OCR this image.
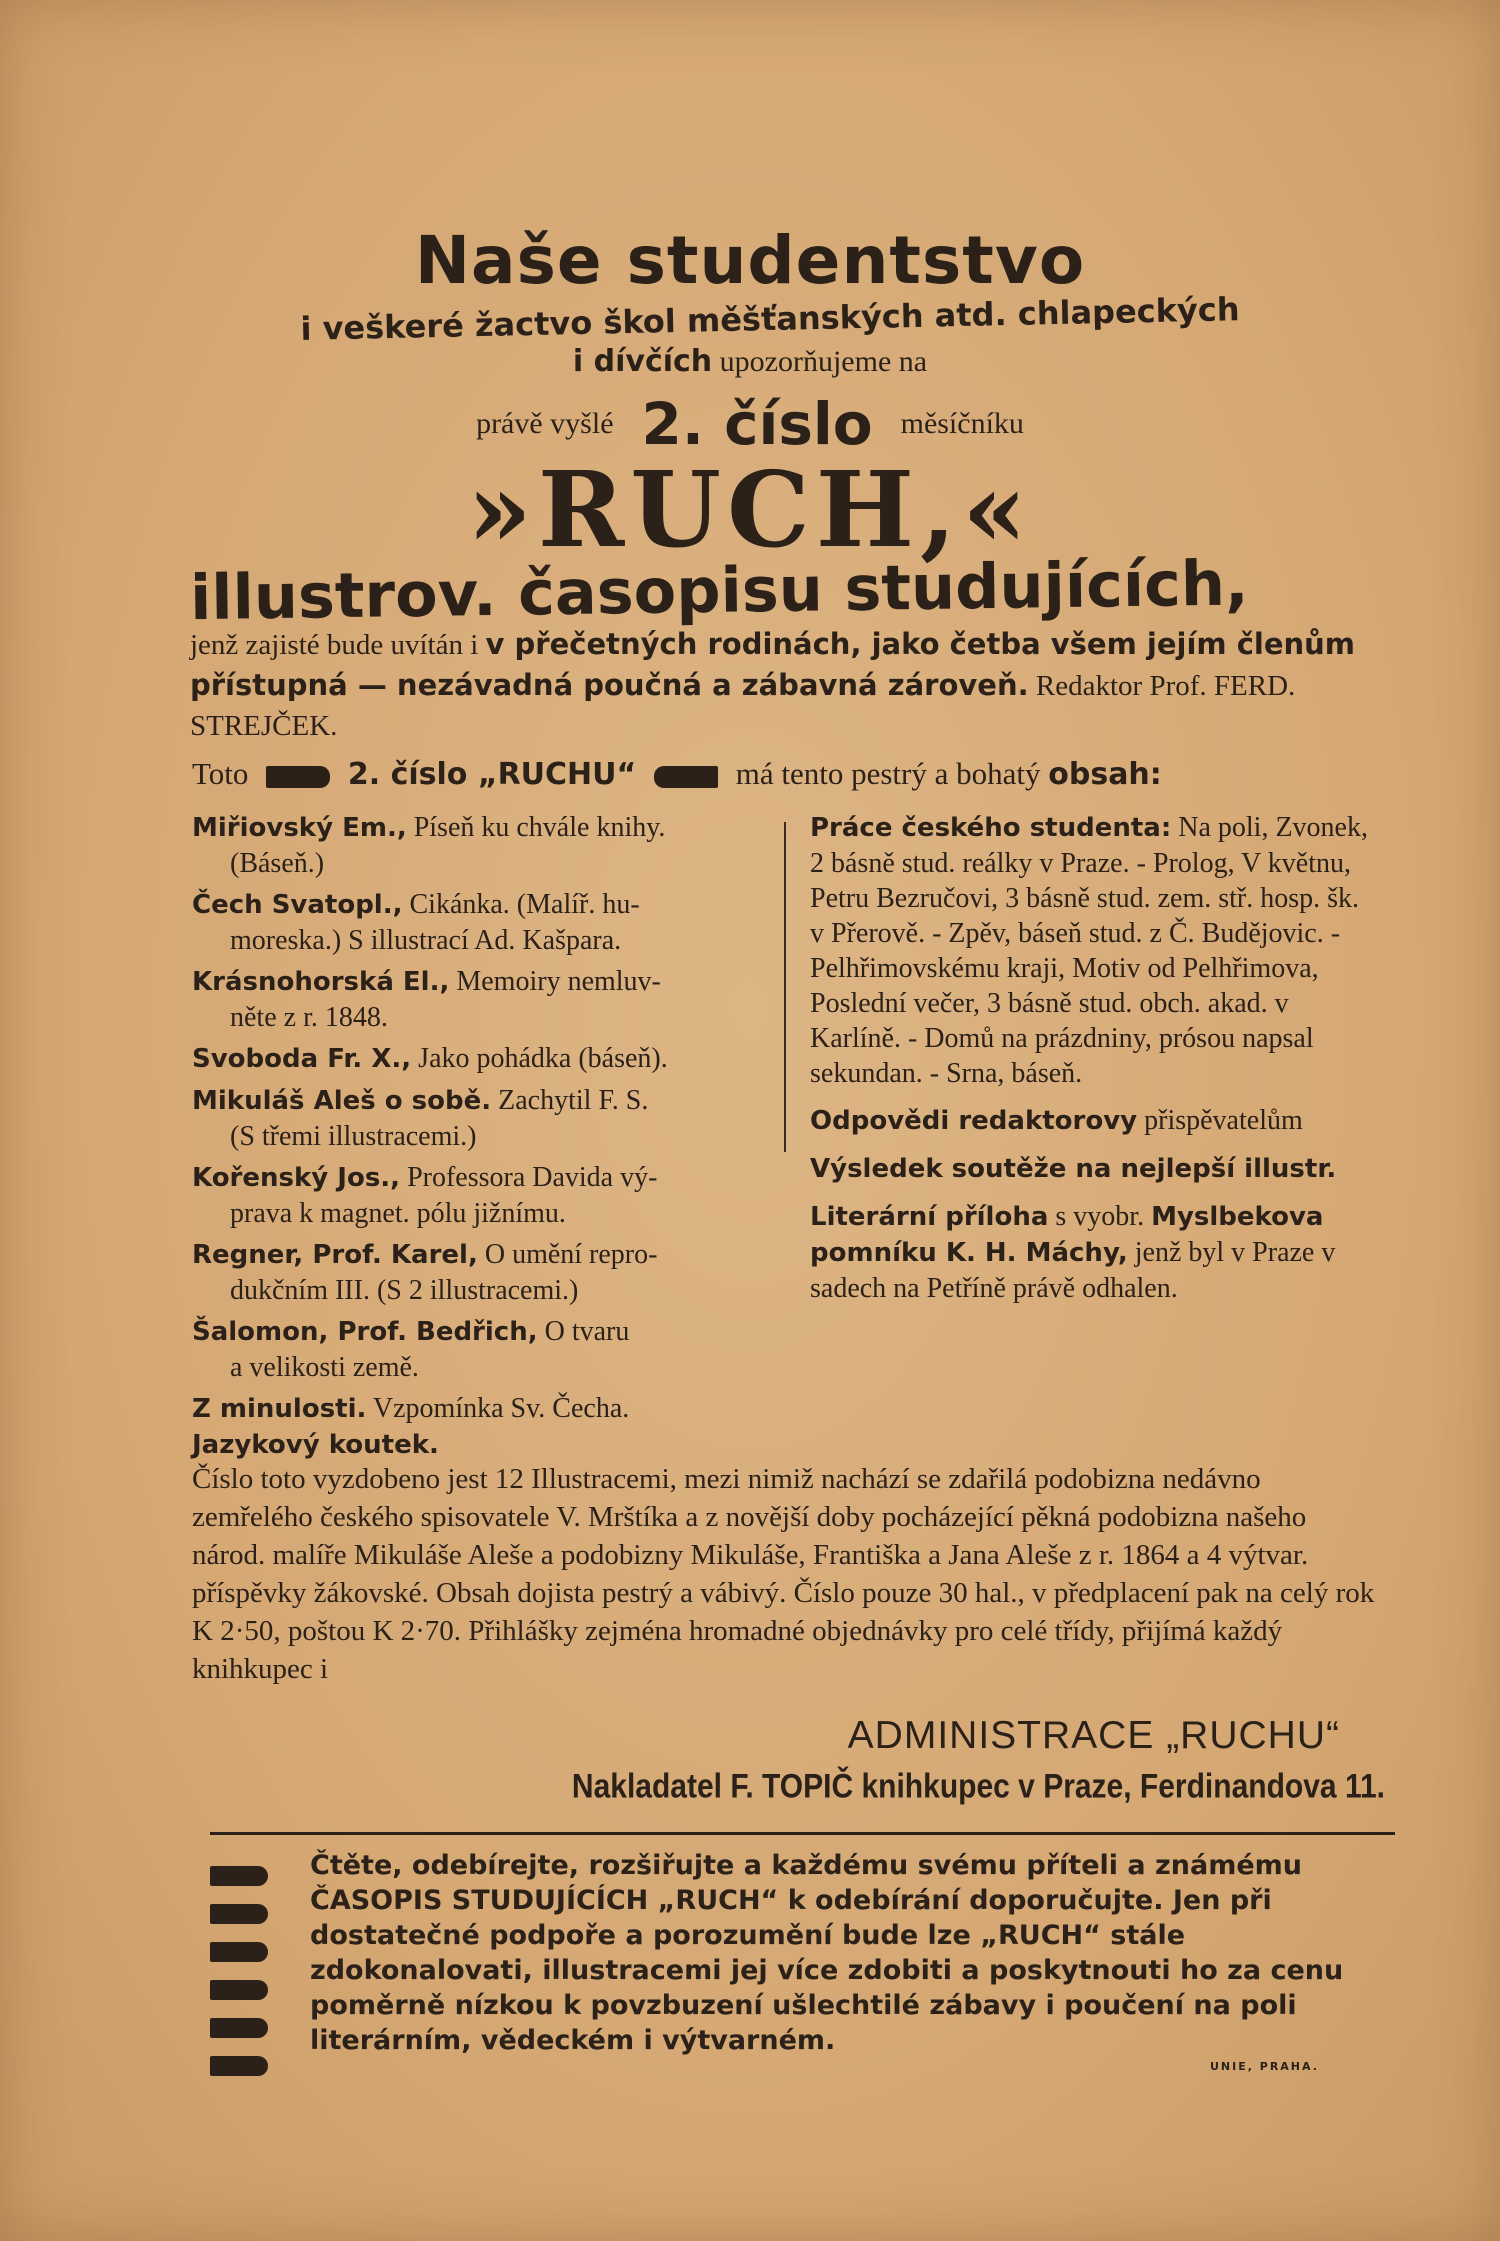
Naše studentstvo
i veškeré žactvo škol měšťanských atd. chlapeckých
i dívčích upozorňujeme na
právě vyšlé 2. číslo měsíčníku
»RUCH,«
illustrov. časopisu studujících,
jenž zajisté bude uvítán i v přečetných rodinách, jako četba všem jejím členům přístupná — nezávadná poučná a zábavná zároveň. Redaktor Prof. FERD. STREJČEK.
Toto	2. číslo „RUCHU“	má tento pestrý a bohatý obsah:
Miřiovský Em., Píseň ku chvále knihy.
(Báseň.)
Čech Svatopl., Cikánka. (Malíř. hu-
moreska.) S illustrací Ad. Kašpara.
Krásnohorská El., Memoiry nemluv-
něte z r. 1848.
Svoboda Fr. X., Jako pohádka (báseň).
Mikuláš Aleš o sobě. Zachytil F. S.
(S třemi illustracemi.)
Kořenský Jos., Professora Davida vý-
prava k magnet. pólu jižnímu.
Regner, Prof. Karel, O umění repro-
dukčním III. (S 2 illustracemi.)
Šalomon, Prof. Bedřich, O tvaru
a velikosti země.
Z minulosti. Vzpomínka Sv. Čecha.
Jazykový koutek.
Práce českého studenta: Na poli, Zvonek, 2 básně stud. reálky v Praze. - Prolog, V květnu, Petru Bezručovi, 3 básně stud. zem. stř. hosp. šk. v Přerově. - Zpěv, báseň stud. z Č. Budějovic. - Pelhřimovskému kraji, Motiv od Pelhřimova, Poslední večer, 3 básně stud. obch. akad. v Karlíně. - Domů na prázdniny, prósou napsal sekundan. - Srna, báseň.
Odpovědi redaktorovy přispěvatelům
Výsledek soutěže na nejlepší illustr.
Literární příloha s vyobr. Myslbekova pomníku K. H. Máchy, jenž byl v Praze v sadech na Petříně právě odhalen.
Číslo toto vyzdobeno jest 12 Illustracemi, mezi nimiž nachází se zdařilá podobizna nedávno zemřelého českého spisovatele V. Mrštíka a z novější doby pocházející pěkná podobizna našeho národ. malíře Mikuláše Aleše a podobizny Mikuláše, Františka a Jana Aleše z r. 1864 a 4 výtvar. příspěvky žákovské. Obsah dojista pestrý a vábivý. Číslo pouze 30 hal., v předplacení pak na celý rok K 2·50, poštou K 2·70. Přihlášky zejména hromadné objednávky pro celé třídy, přijímá každý knihkupec i
ADMINISTRACE „RUCHU“
Nakladatel F. TOPIČ knihkupec v Praze, Ferdinandova 11.
Čtěte, odebírejte, rozšiřujte a každému svému příteli a známému ČASOPIS STUDUJÍCÍCH „RUCH“ k odebírání doporučujte. Jen při dostatečné podpoře a porozumění bude lze „RUCH“ stále zdokonalovati, illustracemi jej více zdobiti a poskytnouti ho za cenu poměrně nízkou k povzbuzení ušlechtilé zábavy i poučení na poli literárním, vědeckém i výtvarném.
UNIE, PRAHA.
